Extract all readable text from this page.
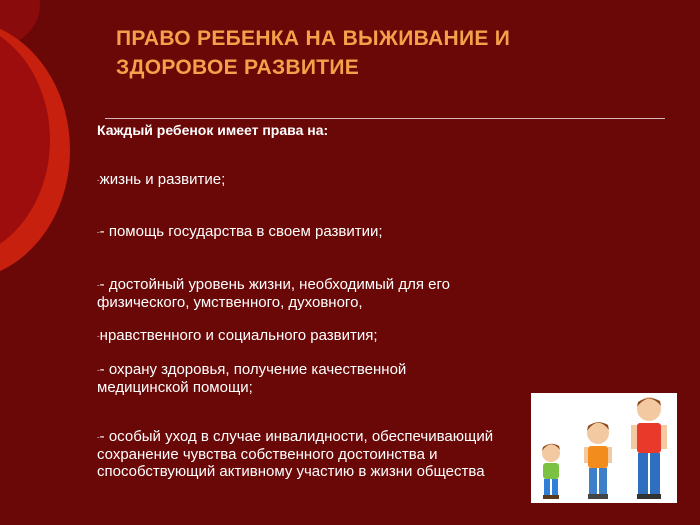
ПРАВО РЕБЕНКА НА ВЫЖИВАНИЕ И
ЗДОРОВОЕ РАЗВИТИЕ
Каждый ребенок имеет права на:
-жизнь и развитие;
-- помощь государства в своем развитии;
-- достойный уровень жизни, необходимый для его
физического, умственного, духовного,
-нравственного и социального развития;
-- охрану здоровья, получение качественной
медицинской помощи;
-- особый уход в случае инвалидности, обеспечивающий
сохранение чувства собственного достоинства и
способствующий активному участию в жизни общества
